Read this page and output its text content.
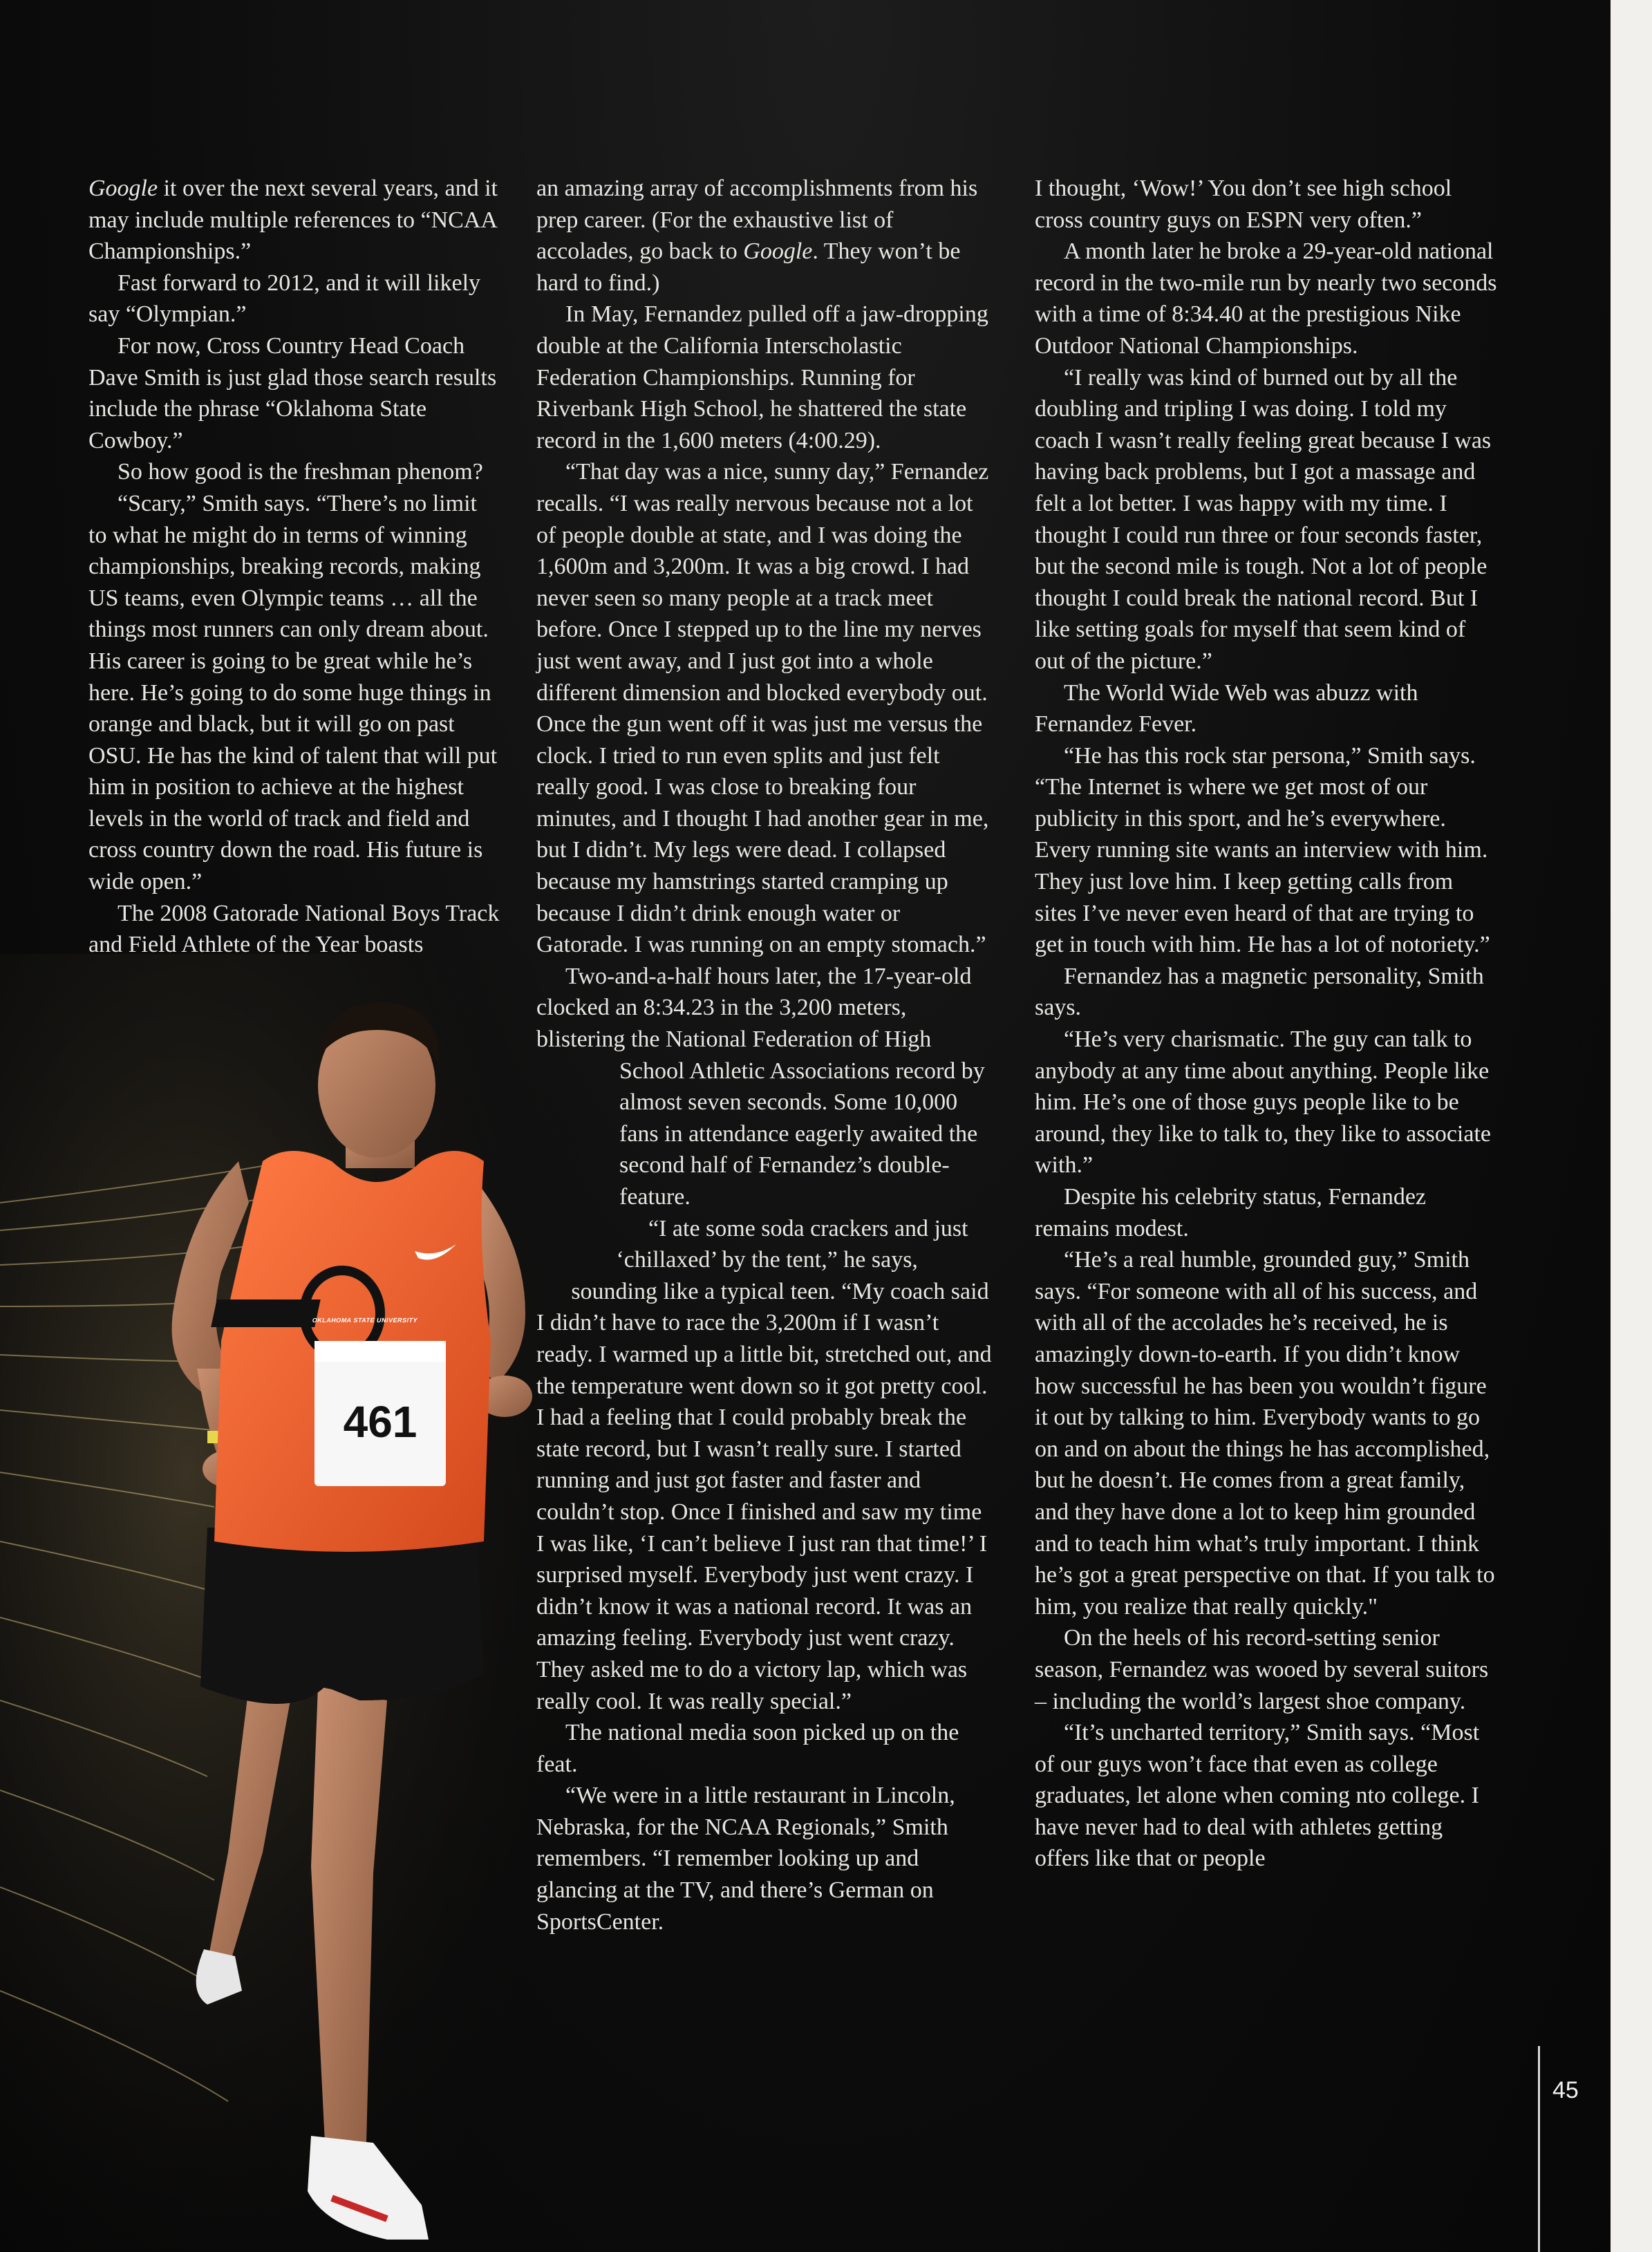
OKLAHOMA STATE UNIVERSITY
461

Google it over the next several years, and it may include multiple references to “NCAA Championships.”

Fast forward to 2012, and it will likely say “Olympian.”

For now, Cross Country Head Coach Dave Smith is just glad those search results include the phrase “Oklahoma State Cowboy.”

So how good is the freshman phenom?

“Scary,” Smith says. “There’s no limit to what he might do in terms of winning championships, breaking records, making US teams, even Olympic teams … all the things most runners can only dream about. His career is going to be great while he’s here. He’s going to do some huge things in orange and black, but it will go on past OSU. He has the kind of talent that will put him in position to achieve at the highest levels in the world of track and field and cross country down the road. His future is wide open.”

The 2008 Gatorade National Boys Track and Field Athlete of the Year boasts

an amazing array of accomplishments from his prep career. (For the exhaustive list of accolades, go back to Google. They won’t be hard to find.)

In May, Fernandez pulled off a jaw-dropping double at the California Interscholastic Federation Championships. Running for Riverbank High School, he shattered the state record in the 1,600 meters (4:00.29).

“That day was a nice, sunny day,” Fernandez recalls. “I was really nervous because not a lot of people double at state, and I was doing the 1,600m and 3,200m. It was a big crowd. I had never seen so many people at a track meet before. Once I stepped up to the line my nerves just went away, and I just got into a whole different dimension and blocked everybody out. Once the gun went off it was just me versus the clock. I tried to run even splits and just felt really good. I was close to breaking four minutes, and I thought I had another gear in me, but I didn’t. My legs were dead. I collapsed because my hamstrings started cramping up because I didn’t drink enough water or Gatorade. I was running on an empty stomach.”

Two-and-a-half hours later, the 17-year-old clocked an 8:34.23 in the 3,200 meters, blistering the National Federation of High School Athletic Associations record by almost seven seconds. Some 10,000 fans in attendance eagerly awaited the second half of Fernandez’s double-feature.

“I ate some soda crackers and just ‘chillaxed’ by the tent,” he says, sounding like a typical teen. “My coach said I didn’t have to race the 3,200m if I wasn’t ready. I warmed up a little bit, stretched out, and the temperature went down so it got pretty cool. I had a feeling that I could probably break the state record, but I wasn’t really sure. I started running and just got faster and faster and couldn’t stop. Once I finished and saw my time I was like, ‘I can’t believe I just ran that time!’ I surprised myself. Everybody just went crazy. I didn’t know it was a national record. It was an amazing feeling. Everybody just went crazy. They asked me to do a victory lap, which was really cool. It was really special.”

The national media soon picked up on the feat.

“We were in a little restaurant in Lincoln, Nebraska, for the NCAA Regionals,” Smith remembers. “I remember looking up and glancing at the TV, and there’s German on SportsCenter.

I thought, ‘Wow!’ You don’t see high school cross country guys on ESPN very often.”

A month later he broke a 29-year-old national record in the two-mile run by nearly two seconds with a time of 8:34.40 at the prestigious Nike Outdoor National Championships.

“I really was kind of burned out by all the doubling and tripling I was doing. I told my coach I wasn’t really feeling great because I was having back problems, but I got a massage and felt a lot better. I was happy with my time. I thought I could run three or four seconds faster, but the second mile is tough. Not a lot of people thought I could break the national record. But I like setting goals for myself that seem kind of out of the picture.”

The World Wide Web was abuzz with Fernandez Fever.

“He has this rock star persona,” Smith says. “The Internet is where we get most of our publicity in this sport, and he’s everywhere. Every running site wants an interview with him. They just love him. I keep getting calls from sites I’ve never even heard of that are trying to get in touch with him. He has a lot of notoriety.”

Fernandez has a magnetic personality, Smith says.

“He’s very charismatic. The guy can talk to anybody at any time about anything. People like him. He’s one of those guys people like to be around, they like to talk to, they like to associate with.”

Despite his celebrity status, Fernandez remains modest.

“He’s a real humble, grounded guy,” Smith says. “For someone with all of his success, and with all of the accolades he’s received, he is amazingly down-to-earth. If you didn’t know how successful he has been you wouldn’t figure it out by talking to him. Everybody wants to go on and on about the things he has accomplished, but he doesn’t. He comes from a great family, and they have done a lot to keep him grounded and to teach him what’s truly important. I think he’s got a great perspective on that. If you talk to him, you realize that really quickly."

On the heels of his record-setting senior season, Fernandez was wooed by several suitors – including the world’s largest shoe company.

“It’s uncharted territory,” Smith says. “Most of our guys won’t face that even as college graduates, let alone when coming nto college. I have never had to deal with athletes getting offers like that or people

45
